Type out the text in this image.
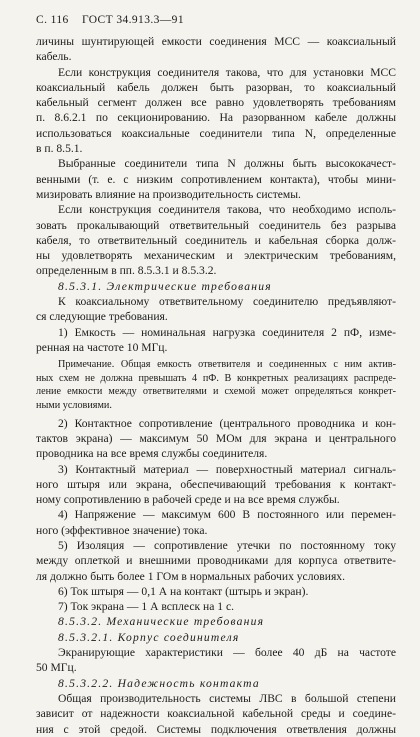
С. 116 ГОСТ 34.913.3—91
личины шунтирующей емкости соединения МСС — коаксиальный
кабель.
Если конструкция соединителя такова, что для установки МСС
коаксиальный кабель должен быть разорван, то коаксиальный
кабельный сегмент должен все равно удовлетворять требованиям
п. 8.6.2.1 по секционированию. На разорванном кабеле должны
использоваться коаксиальные соединители типа N, определенные
в п. 8.5.1.
Выбранные соединители типа N должны быть высококачест-
венными (т. е. с низким сопротивлением контакта), чтобы мини-
мизировать влияние на производительность системы.
Если конструкция соединителя такова, что необходимо исполь-
зовать прокалывающий ответвительный соединитель без разрыва
кабеля, то ответвительный соединитель и кабельная сборка долж-
ны удовлетворять механическим и электрическим требованиям,
определенным в пп. 8.5.3.1 и 8.5.3.2.
8.5.3.1. Электрические требования
К коаксиальному ответвительному соединителю предъявляют-
ся следующие требования.
1) Емкость — номинальная нагрузка соединителя 2 пФ, изме-
ренная на частоте 10 МГц.
Примечание. Общая емкость ответвителя и соединенных с ним актив-
ных схем не должна превышать 4 пФ. В конкретных реализациях распреде-
ление емкости между ответвителями и схемой может определяться конкрет-
ными условиями.
2) Контактное сопротивление (центрального проводника и кон-
тактов экрана) — максимум 50 МОм для экрана и центрального
проводника на все время службы соединителя.
3) Контактный материал — поверхностный материал сигналь-
ного штыря или экрана, обеспечивающий требования к контакт-
ному сопротивлению в рабочей среде и на все время службы.
4) Напряжение — максимум 600 В постоянного или перемен-
ного (эффективное значение) тока.
5) Изоляция — сопротивление утечки по постоянному току
между оплеткой и внешними проводниками для корпуса ответвите-
ля должно быть более 1 ГОм в нормальных рабочих условиях.
6) Ток штыря — 0,1 А на контакт (штырь и экран).
7) Ток экрана — 1 А всплеск на 1 с.
8.5.3.2. Механические требования
8.5.3.2.1. Корпус соединителя
Экранирующие характеристики — более 40 дБ на частоте
50 МГц.
8.5.3.2.2. Надежность контакта
Общая производительность системы ЛВС в большой степени
зависит от надежности коаксиальной кабельной среды и соедине-
ния с этой средой. Системы подключения ответвления должны
